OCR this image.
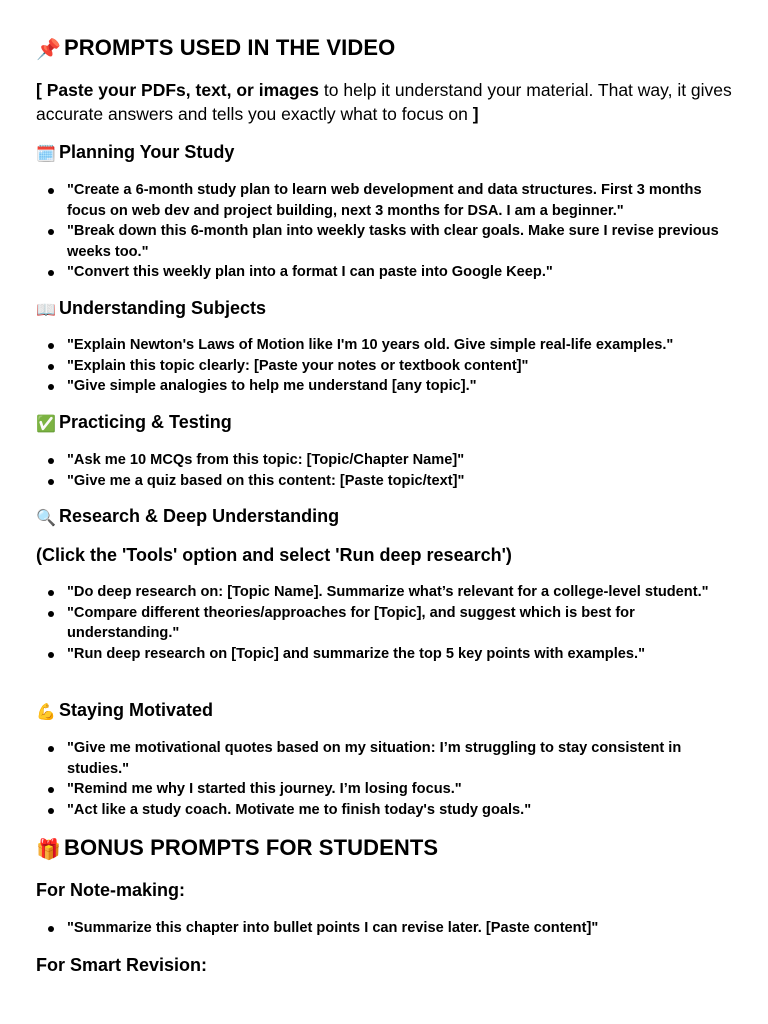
📌 PROMPTS USED IN THE VIDEO
[ Paste your PDFs, text, or images to help it understand your material. That way, it gives accurate answers and tells you exactly what to focus on ]
🗓️ Planning Your Study
"Create a 6-month study plan to learn web development and data structures. First 3 months focus on web dev and project building, next 3 months for DSA. I am a beginner."
"Break down this 6-month plan into weekly tasks with clear goals. Make sure I revise previous weeks too."
"Convert this weekly plan into a format I can paste into Google Keep."
📖 Understanding Subjects
"Explain Newton's Laws of Motion like I'm 10 years old. Give simple real-life examples."
"Explain this topic clearly: [Paste your notes or textbook content]"
"Give simple analogies to help me understand [any topic]."
✅ Practicing & Testing
"Ask me 10 MCQs from this topic: [Topic/Chapter Name]"
"Give me a quiz based on this content: [Paste topic/text]"
🔍 Research & Deep Understanding
(Click the 'Tools' option and select 'Run deep research')
"Do deep research on: [Topic Name]. Summarize what’s relevant for a college-level student."
"Compare different theories/approaches for [Topic], and suggest which is best for understanding."
"Run deep research on [Topic] and summarize the top 5 key points with examples."
💪 Staying Motivated
"Give me motivational quotes based on my situation: I’m struggling to stay consistent in studies."
"Remind me why I started this journey. I’m losing focus."
"Act like a study coach. Motivate me to finish today's study goals."
🎁 BONUS PROMPTS FOR STUDENTS
For Note-making:
"Summarize this chapter into bullet points I can revise later. [Paste content]"
For Smart Revision:
